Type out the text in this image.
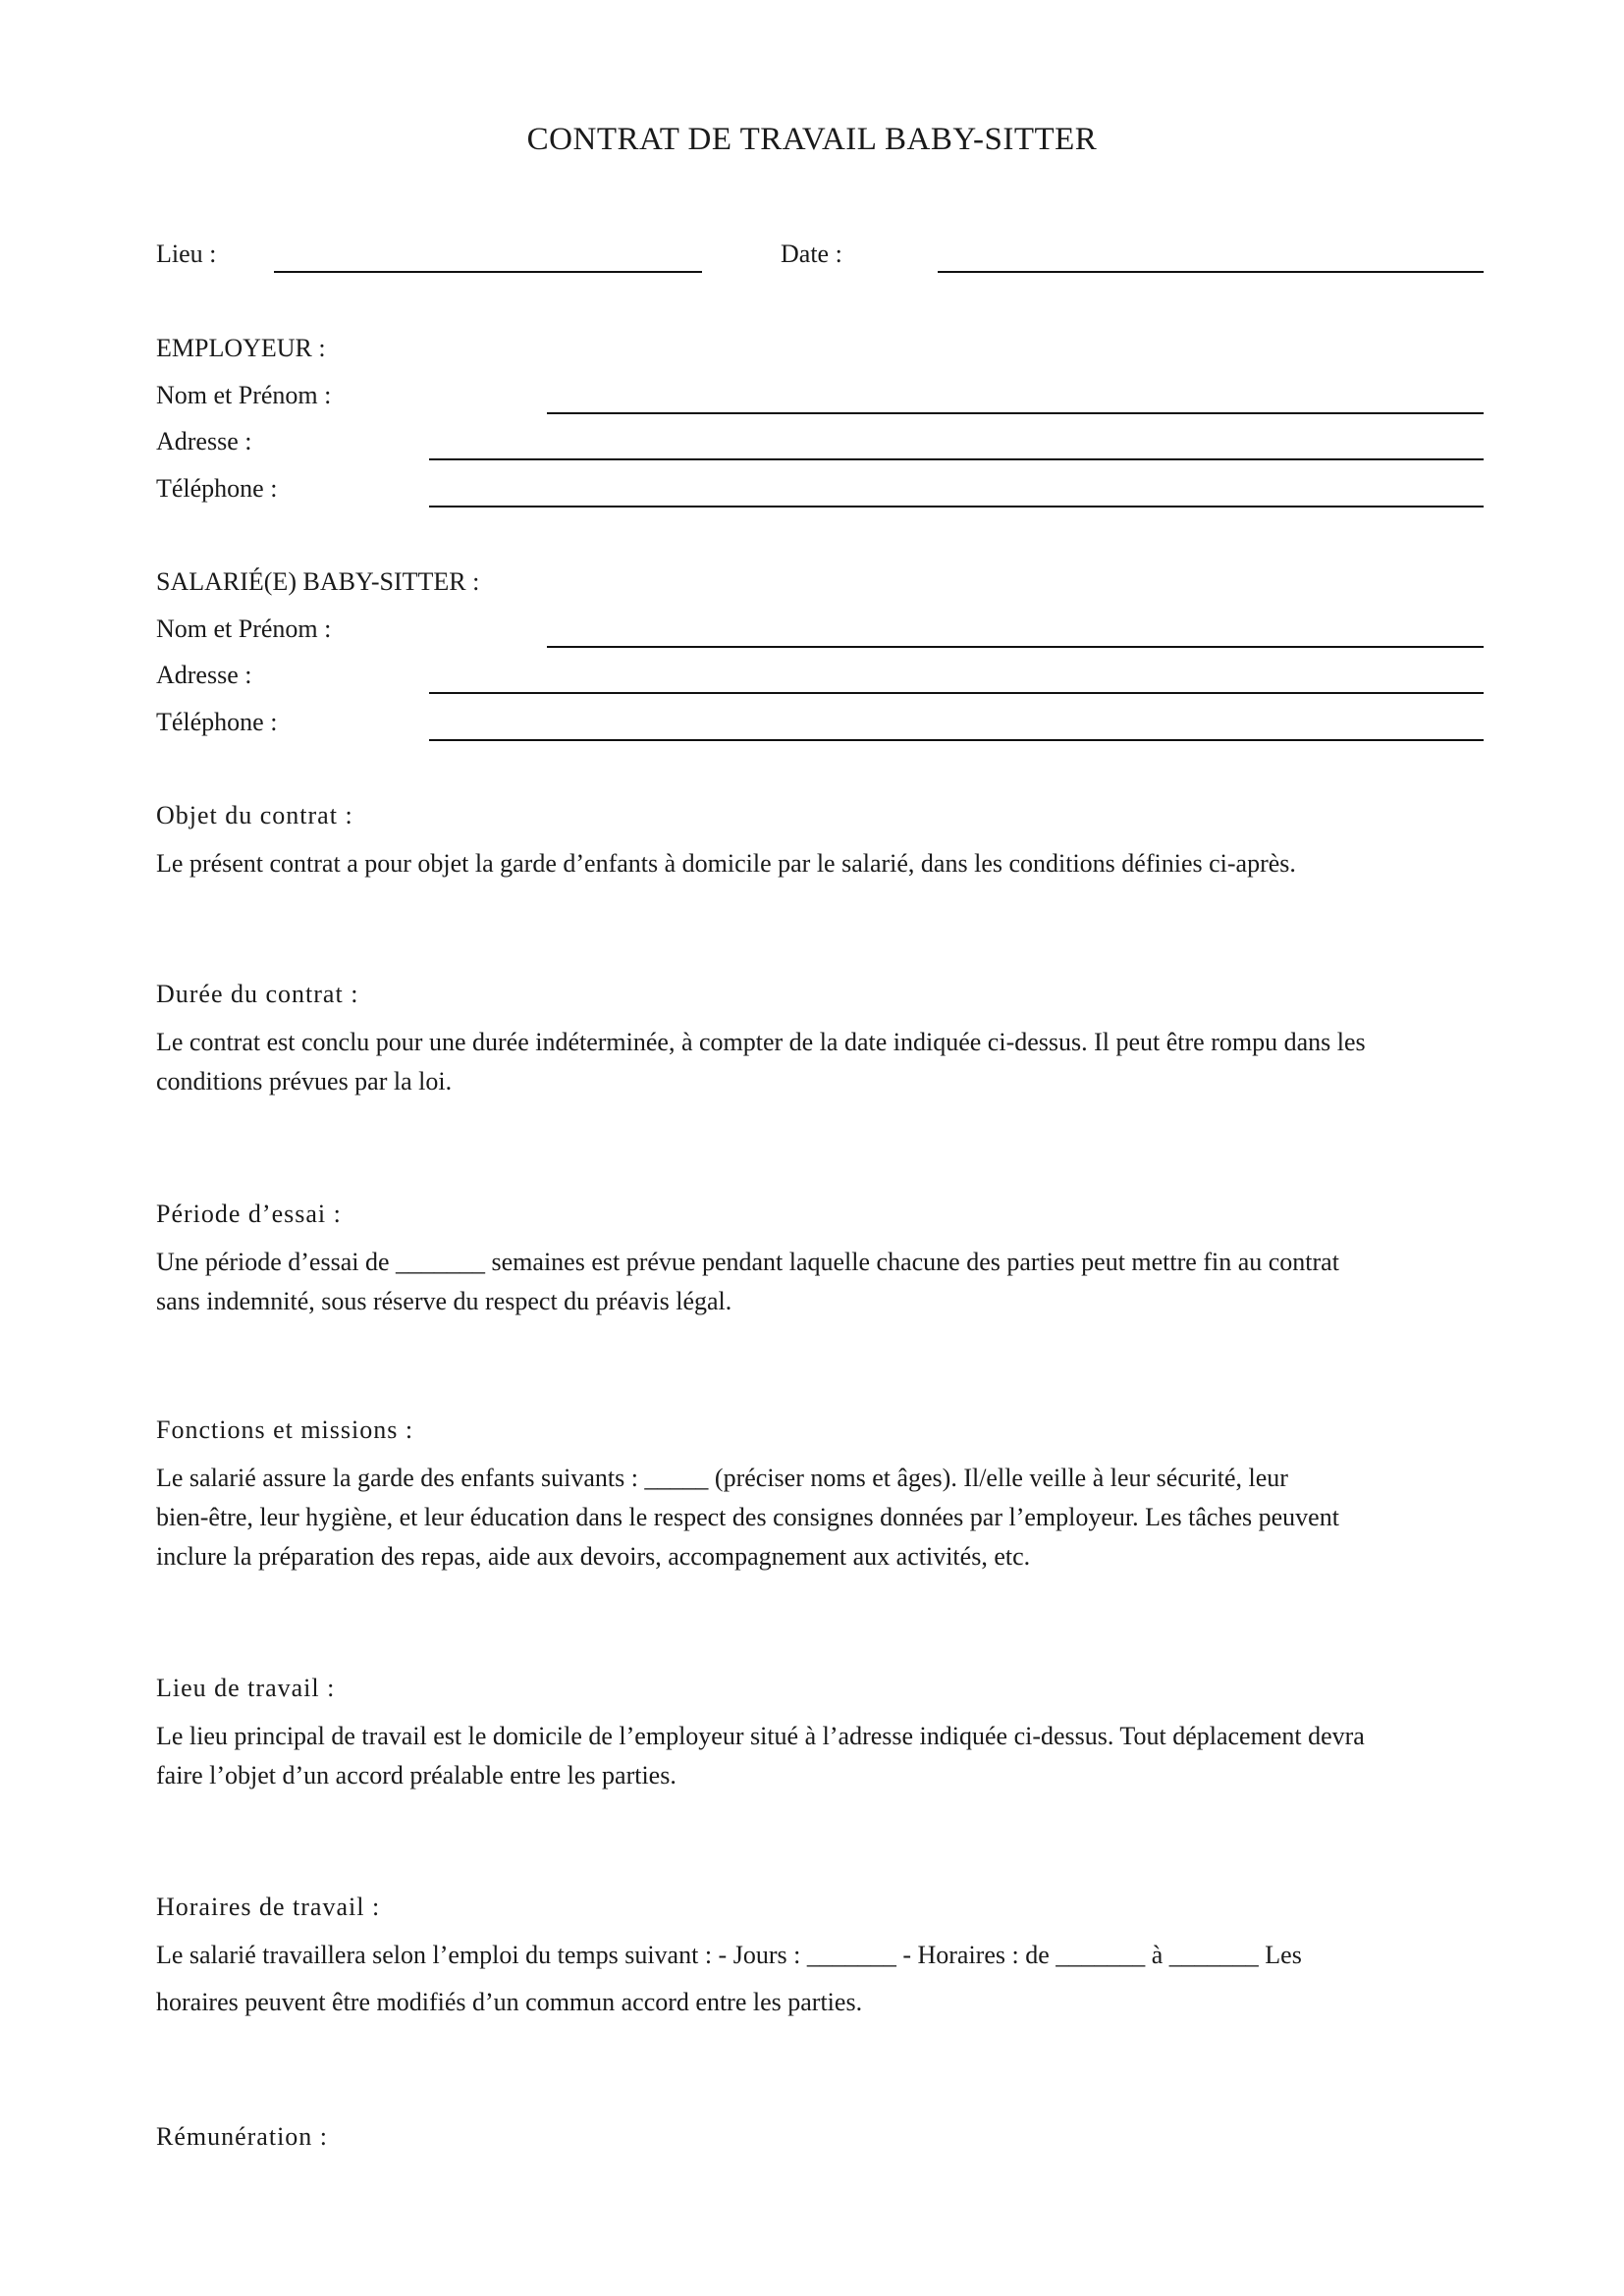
CONTRAT DE TRAVAIL BABY-SITTER
Lieu :	Date :
EMPLOYEUR :
Nom et Prénom :
Adresse :
Téléphone :
SALARIÉ(E) BABY-SITTER :
Nom et Prénom :
Adresse :
Téléphone :
Objet du contrat :
Le présent contrat a pour objet la garde d’enfants à domicile par le salarié, dans les conditions définies ci-après.
Durée du contrat :
Le contrat est conclu pour une durée indéterminée, à compter de la date indiquée ci-dessus. Il peut être rompu dans les
conditions prévues par la loi.
Période d’essai :
Une période d’essai de _______ semaines est prévue pendant laquelle chacune des parties peut mettre fin au contrat
sans indemnité, sous réserve du respect du préavis légal.
Fonctions et missions :
Le salarié assure la garde des enfants suivants : _____ (préciser noms et âges). Il/elle veille à leur sécurité, leur
bien-être, leur hygiène, et leur éducation dans le respect des consignes données par l’employeur. Les tâches peuvent
inclure la préparation des repas, aide aux devoirs, accompagnement aux activités, etc.
Lieu de travail :
Le lieu principal de travail est le domicile de l’employeur situé à l’adresse indiquée ci-dessus. Tout déplacement devra
faire l’objet d’un accord préalable entre les parties.
Horaires de travail :
Le salarié travaillera selon l’emploi du temps suivant : - Jours : _______ - Horaires : de _______ à _______ Les
horaires peuvent être modifiés d’un commun accord entre les parties.
Rémunération :
